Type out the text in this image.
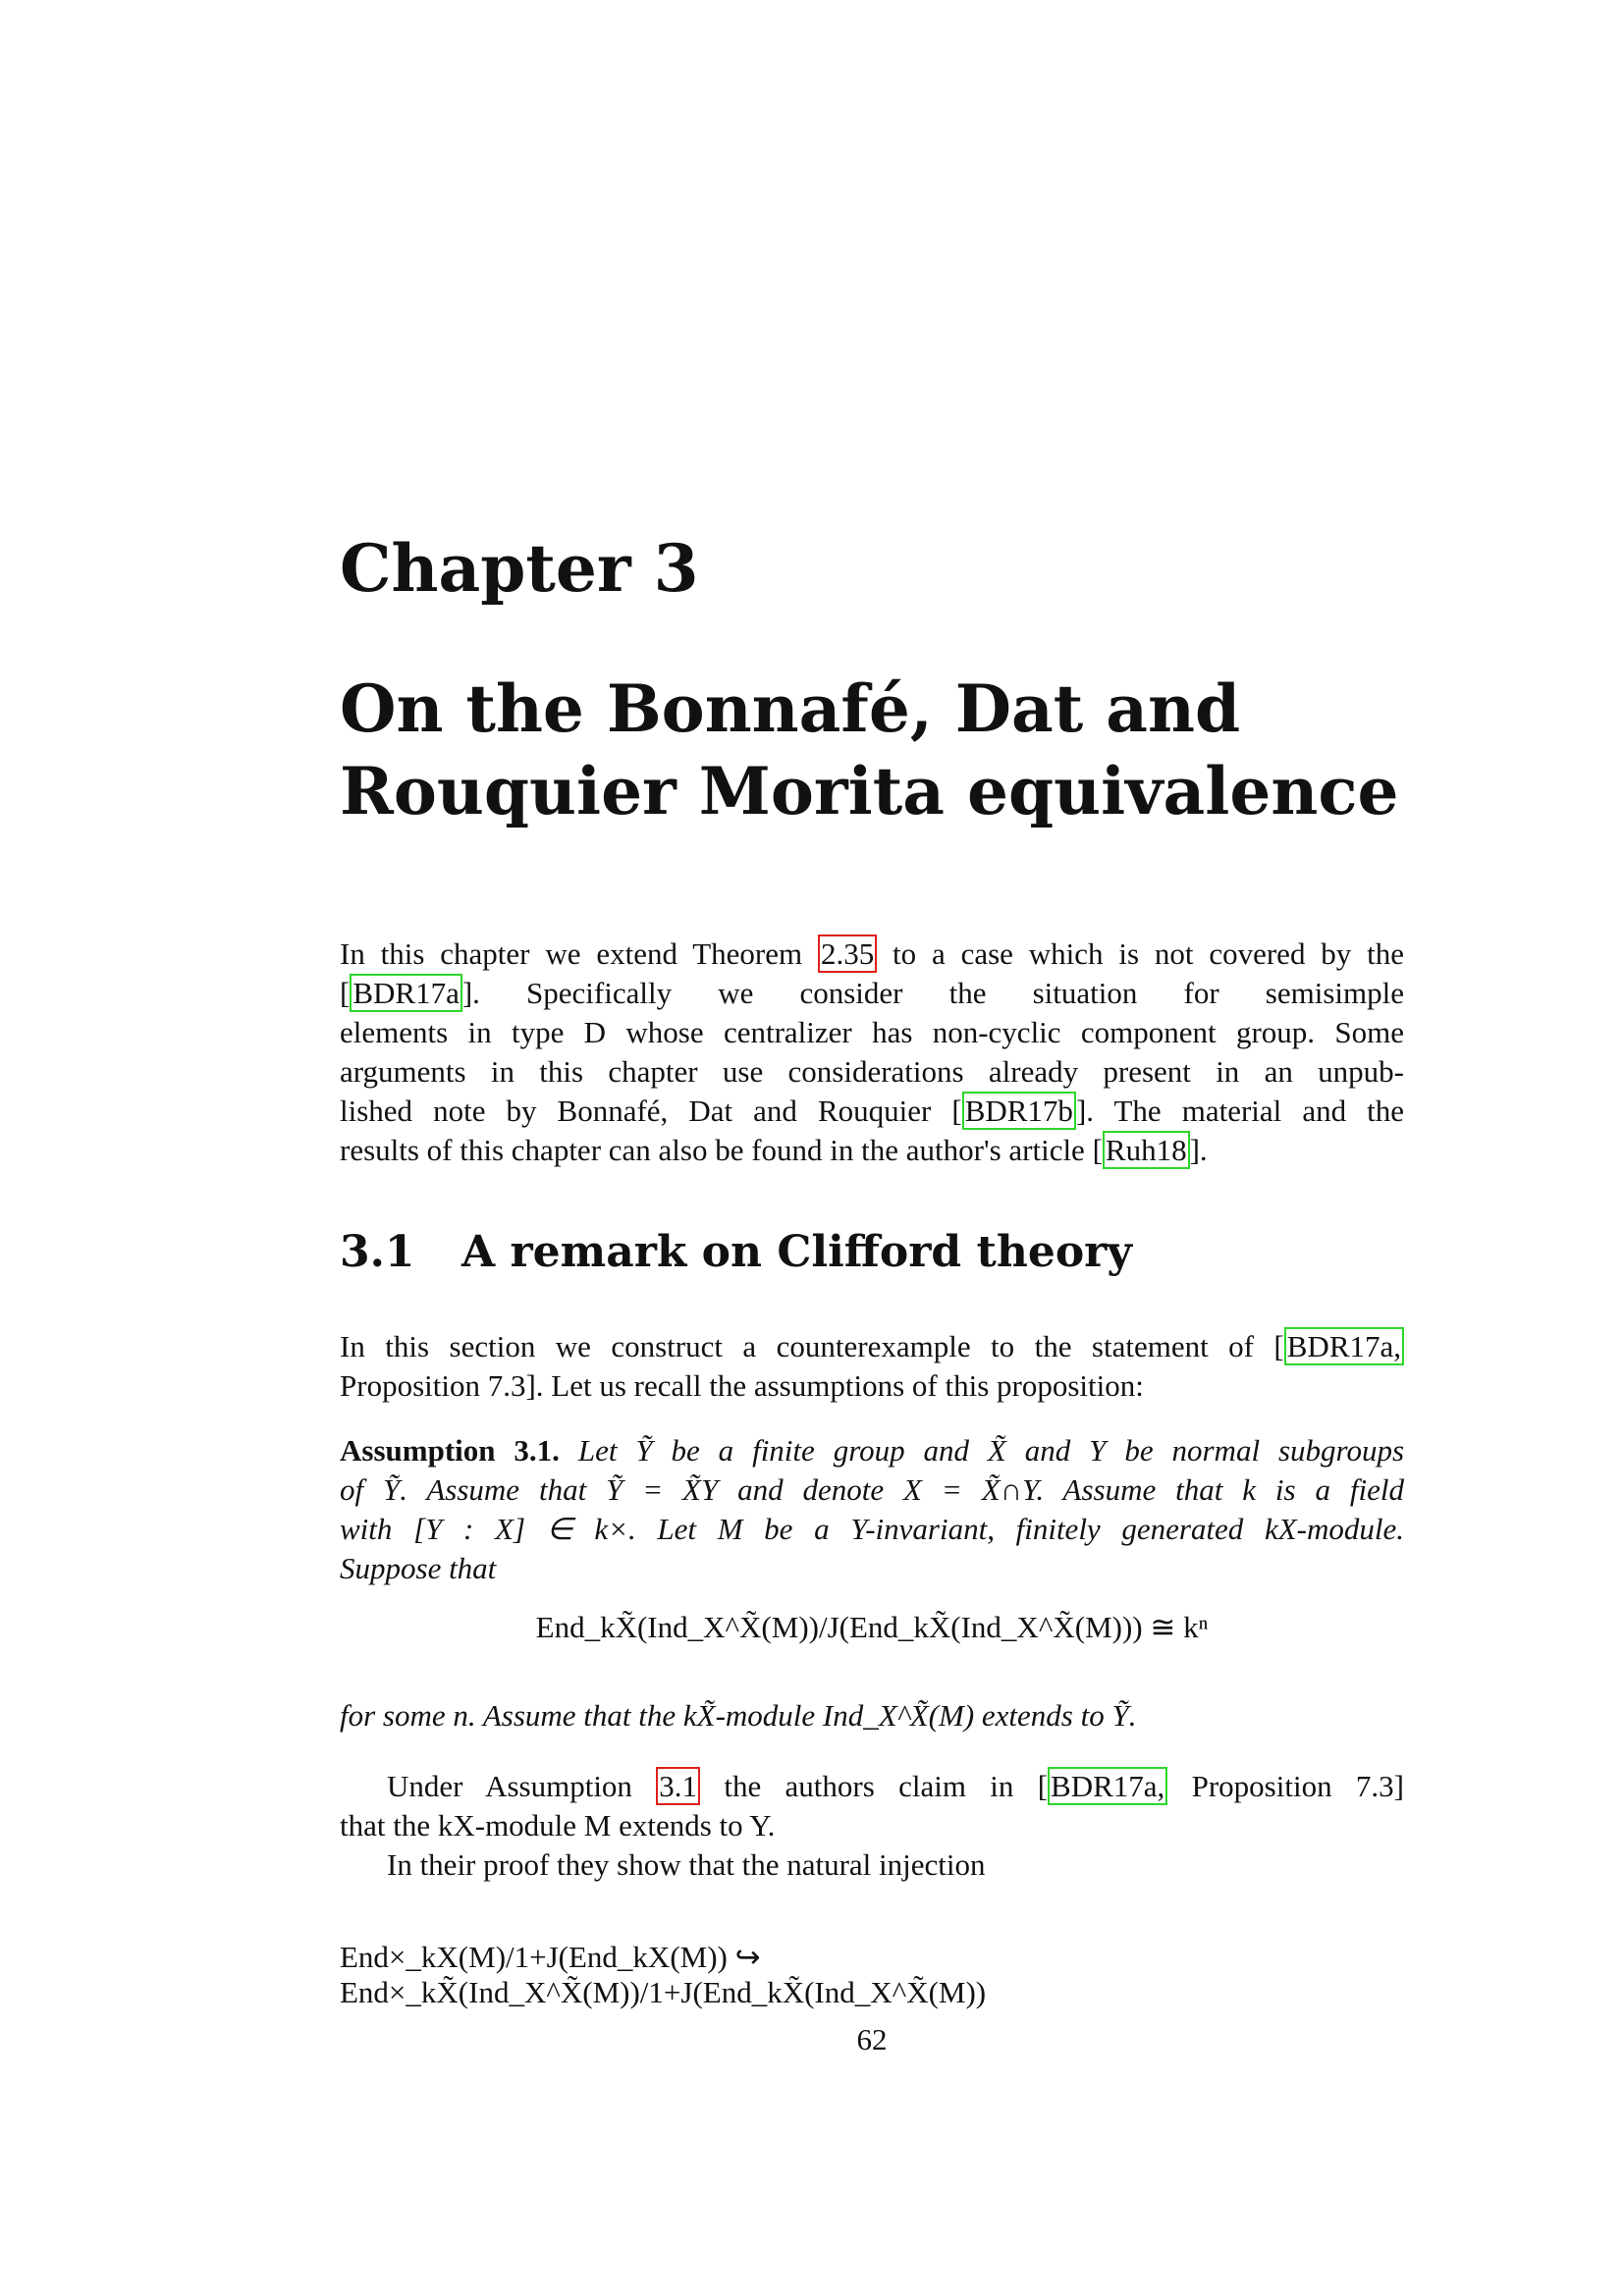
Chapter 3
On the Bonnafé, Dat and
Rouquier Morita equivalence
In this chapter we extend Theorem 2.35 to a case which is not covered by the
[BDR17a]. Specifically we consider the situation for semisimple
elements in type D whose centralizer has non-cyclic component group. Some
arguments in this chapter use considerations already present in an unpub-
lished note by Bonnafé, Dat and Rouquier [BDR17b]. The material and the
results of this chapter can also be found in the author's article [Ruh18].
3.1 A remark on Clifford theory
In this section we construct a counterexample to the statement of [BDR17a,
Proposition 7.3]. Let us recall the assumptions of this proposition:
Assumption 3.1. Let Ỹ be a finite group and X̃ and Y be normal subgroups
of Ỹ. Assume that Ỹ = X̃Y and denote X = X̃∩Y. Assume that k is a field
with [Y : X] ∈ k×. Let M be a Y-invariant, finitely generated kX-module.
Suppose that
End_kX̃(Ind_X^X̃(M))/J(End_kX̃(Ind_X^X̃(M))) ≅ kⁿ
for some n. Assume that the kX̃-module Ind_X^X̃(M) extends to Ỹ.
Under Assumption 3.1 the authors claim in [BDR17a, Proposition 7.3]
that the kX-module M extends to Y.
In their proof they show that the natural injection
End×_kX(M)/1+J(End_kX(M)) ↪ End×_kX̃(Ind_X^X̃(M))/1+J(End_kX̃(Ind_X^X̃(M))
62
